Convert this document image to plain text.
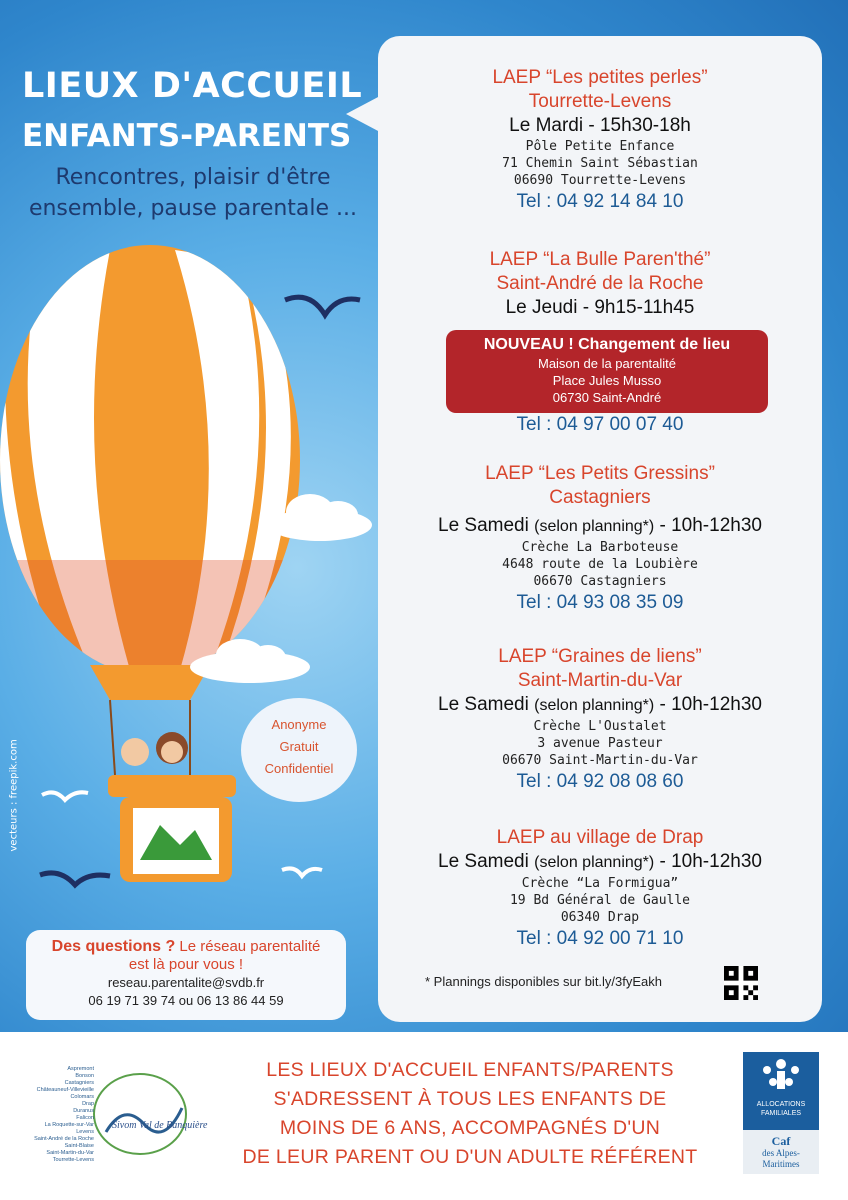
LIEUX D'ACCUEIL
ENFANTS-PARENTS
Rencontres, plaisir d'être
ensemble, pause parentale ...
vecteurs : freepik.com
Anonyme
Gratuit
Confidentiel
Des questions ? Le réseau parentalité
est là pour vous !
reseau.parentalite@svdb.fr
06 19 71 39 74 ou 06 13 86 44 59
LAEP “Les petites perles”
Tourrette-Levens
Le Mardi - 15h30-18h
Pôle Petite Enfance
71 Chemin Saint Sébastian
06690 Tourrette-Levens
Tel : 04 92 14 84 10
LAEP “La Bulle Paren'thé”
Saint-André de la Roche
Le Jeudi - 9h15-11h45
NOUVEAU ! Changement de lieu
Maison de la parentalité
Place Jules Musso
06730 Saint-André
Tel : 04 97 00 07 40
LAEP “Les Petits Gressins”
Castagniers
Le Samedi (selon planning*) - 10h-12h30
Crèche La Barboteuse
4648 route de la Loubière
06670 Castagniers
Tel : 04 93 08 35 09
LAEP “Graines de liens”
Saint-Martin-du-Var
Le Samedi (selon planning*) - 10h-12h30
Crèche L'Oustalet
3 avenue Pasteur
06670 Saint-Martin-du-Var
Tel : 04 92 08 08 60
LAEP au village de Drap
Le Samedi (selon planning*) - 10h-12h30
Crèche “La Formigua”
19 Bd Général de Gaulle
06340 Drap
Tel : 04 92 00 71 10
* Plannings disponibles sur bit.ly/3fyEakh
Aspremont
Bonson
Castagniers
Châteauneuf-Villevieille
Colomars
Drap
Duranus
Falicon
La Roquette-sur-Var
Levens
Saint-André de la Roche
Saint-Blaise
Saint-Martin-du-Var
Tourrette-Levens
Sivom Val de Banquière
LES LIEUX D'ACCUEIL ENFANTS/PARENTS
S'ADRESSENT À TOUS LES ENFANTS DE
MOINS DE 6 ANS, ACCOMPAGNÉS D'UN
DE LEUR PARENT OU D'UN ADULTE RÉFÉRENT
ALLOCATIONS
FAMILIALES
Caf
des Alpes-
Maritimes
